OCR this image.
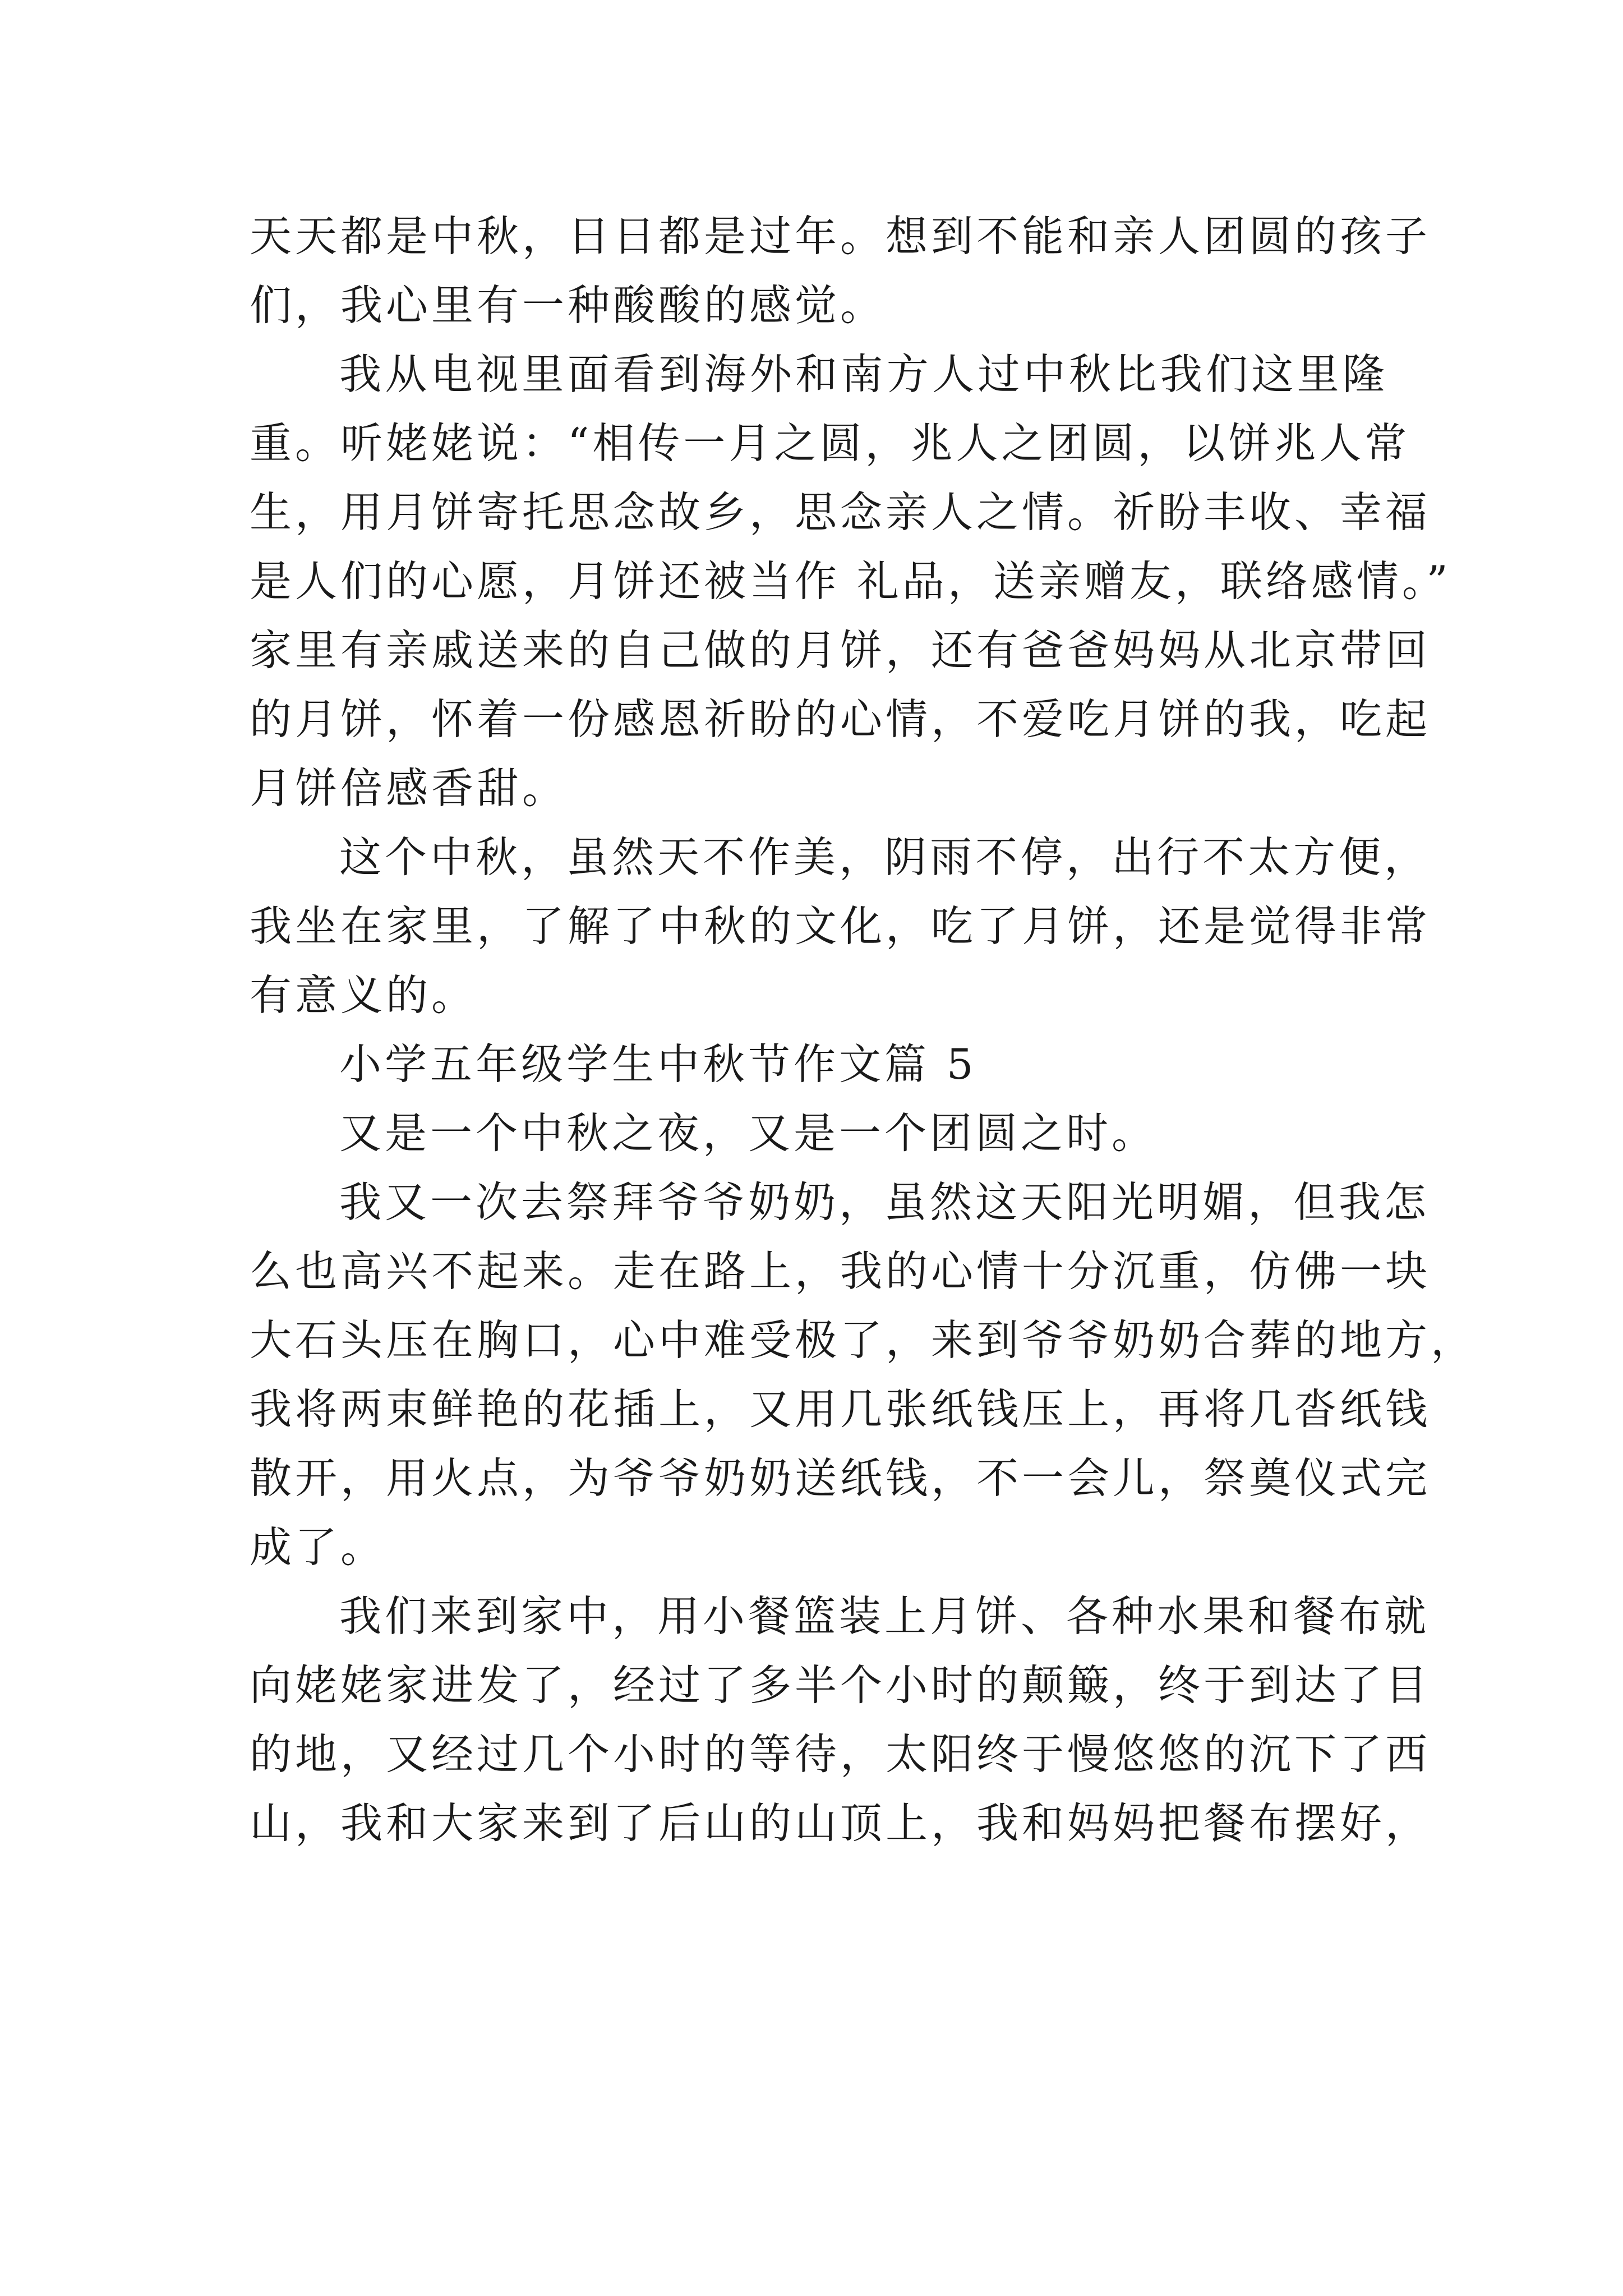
天天都是中秋，日日都是过年。想到不能和亲人团圆的孩子
们，我心里有一种酸酸的感觉。
我从电视里面看到海外和南方人过中秋比我们这里隆
重。听姥姥说：“相传一月之圆，兆人之团圆，以饼兆人常
生，用月饼寄托思念故乡，思念亲人之情。祈盼丰收、幸福
是人们的心愿，月饼还被当作 礼品，送亲赠友，联络感情。”
家里有亲戚送来的自己做的月饼，还有爸爸妈妈从北京带回
的月饼，怀着一份感恩祈盼的心情，不爱吃月饼的我，吃起
月饼倍感香甜。
这个中秋，虽然天不作美，阴雨不停，出行不太方便，
我坐在家里，了解了中秋的文化，吃了月饼，还是觉得非常
有意义的。
小学五年级学生中秋节作文篇 5
又是一个中秋之夜，又是一个团圆之时。
我又一次去祭拜爷爷奶奶，虽然这天阳光明媚，但我怎
么也高兴不起来。走在路上，我的心情十分沉重，仿佛一块
大石头压在胸口，心中难受极了，来到爷爷奶奶合葬的地方，
我将两束鲜艳的花插上，又用几张纸钱压上，再将几沓纸钱
散开，用火点，为爷爷奶奶送纸钱，不一会儿，祭奠仪式完
成了。
我们来到家中，用小餐篮装上月饼、各种水果和餐布就
向姥姥家进发了，经过了多半个小时的颠簸，终于到达了目
的地，又经过几个小时的等待，太阳终于慢悠悠的沉下了西
山，我和大家来到了后山的山顶上，我和妈妈把餐布摆好，
